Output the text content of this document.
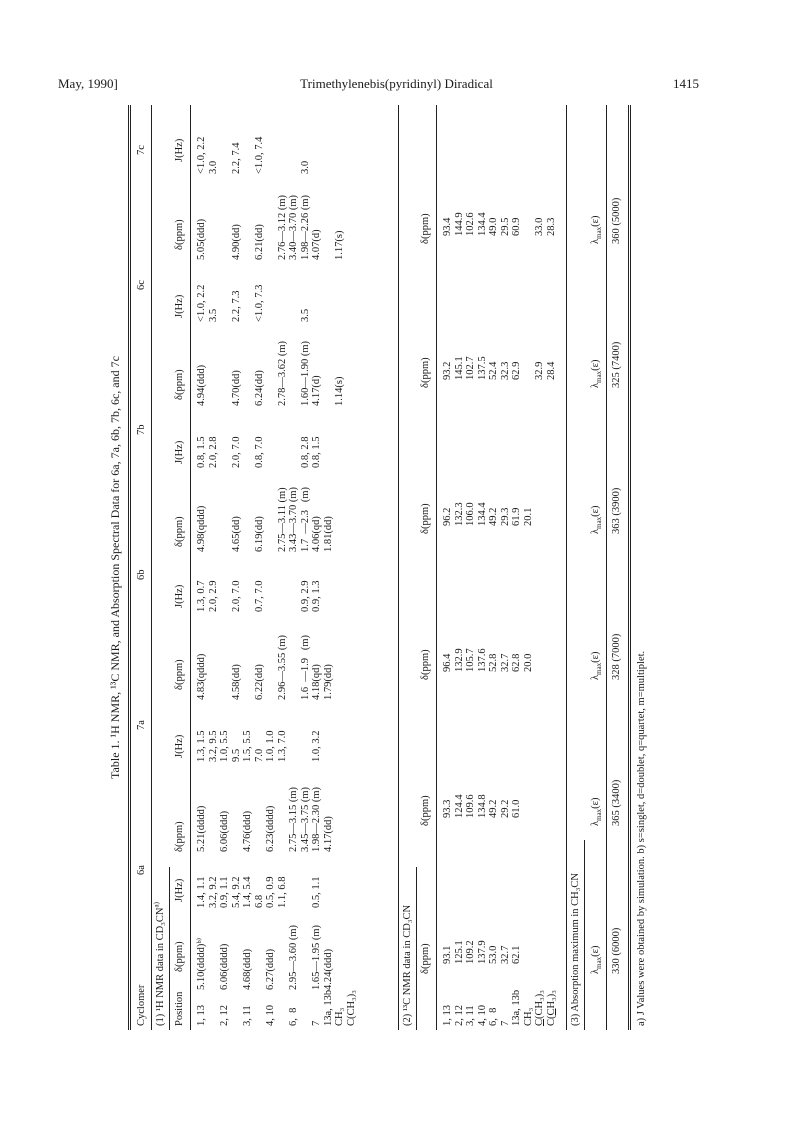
May, 1990]	Trimethylenebis(pyridinyl) Diradical	1415
Table 1. ¹H NMR, ¹³C NMR, and Absorption Spectral Data for 6a, 7a, 6b, 7b, 6c, and 7c
Cyclomer
6a
7a
6b
7b
6c
7c
(1) ¹H NMR data in CD₃CN$^{a)}$
Position
δ(ppm)
J(Hz)
δ(ppm)
J(Hz)
δ(ppm)
J(Hz)
δ(ppm)
J(Hz)
δ(ppm)
J(Hz)
δ(ppm)
J(Hz)
1, 13

2, 12

3, 11

4, 10

6,  8

7
13a, 13b
CH₃
C(CH₃)₃
5.10(dddd)ᵇ⁾

6.06(dddd)

4.68(ddd)

6.27(ddd)

2.95—3.60 (m)

1.65—1.95 (m)
4.24(ddd)
1.4, 1.1
3.2, 9.2
0.9, 1.1
5.4, 9.2
1.4, 5.4
6.8
0.5, 0.9
1.1, 6.8

0.5, 1.1
5.21(dddd)

6.06(ddd)

4.76(ddd)

6.23(dddd)

2.75—3.15 (m)
3.45—3.75 (m)
1.98—2.30 (m)
4.17(dd)
1.3, 1.5
3.2, 9.5
1.0, 5.5
9.5
1.5, 5.5
7.0
1.0, 1.0
1.3, 7.0

1.0, 3.2
4.83(qddd)

4.58(dd)

6.22(dd)

2.96—3.55 (m)

1.6  —1.9   (m)
4.18(qd)
1.79(dd)
1.3, 0.7
2.0, 2.9

2.0, 7.0

0.7, 7.0

0.9, 2.9
0.9, 1.3
4.98(qddd)

4.65(dd)

6.19(dd)

2.75—3.11 (m)
3.43—3.70 (m)
1.7  —2.3   (m)
4.06(qd)
1.81(dd)
0.8, 1.5
2.0, 2.8

2.0, 7.0

0.8, 7.0

0.8, 2.8
0.8, 1.5
4.94(ddd)

4.70(dd)

6.24(dd)

2.78—3.62 (m)

1.60—1.90 (m)
4.17(d)

1.14(s)
<1.0, 2.2
3.5

2.2, 7.3

<1.0, 7.3

3.5
5.05(ddd)

4.90(dd)

6.21(dd)

2.76—3.12 (m)
3.40—3.70 (m)
1.98—2.26 (m)
4.07(d)

1.17(s)
<1.0, 2.2
3.0

2.2, 7.4

<1.0, 7.4

3.0
(2) ¹³C NMR data in CD₃CN δ(ppm)
δ(ppm)
δ(ppm)
δ(ppm)
δ(ppm)
δ(ppm)
1, 13
2, 12
3, 11
4, 10
6,  8
7
13a, 13b
CH₃ C(CH₃)₃
C(CH₃)₃
93.1
125.1
109.2
137.9
53.0
32.7
62.1
93.3
124.4
109.6
134.8
49.2
29.2
61.0
96.4
132.9
105.7
137.6
52.8
32.7
62.8
20.0
96.2
132.3
106.0
134.4
49.2
29.3
61.9
20.1
93.2
145.1
102.7
137.5
52.4
32.3
62.9

32.9
28.4
93.4
144.9
102.6
134.4
49.0
29.5
60.9

33.0
28.3
(3) Absorption maximum in CH₃CN $\lambda_{max}(\varepsilon)$
$\lambda_{max}(\varepsilon)$
$\lambda_{max}(\varepsilon)$
$\lambda_{max}(\varepsilon)$
$\lambda_{max}(\varepsilon)$
$\lambda_{max}(\varepsilon)$
330 (6000)
365 (3400)
328 (7000)
363 (3900)
325 (7400)
360 (5000)
a) J Values were obtained by simulation. b) s=singlet, d=doublet, q=quartet, m=multiplet.
